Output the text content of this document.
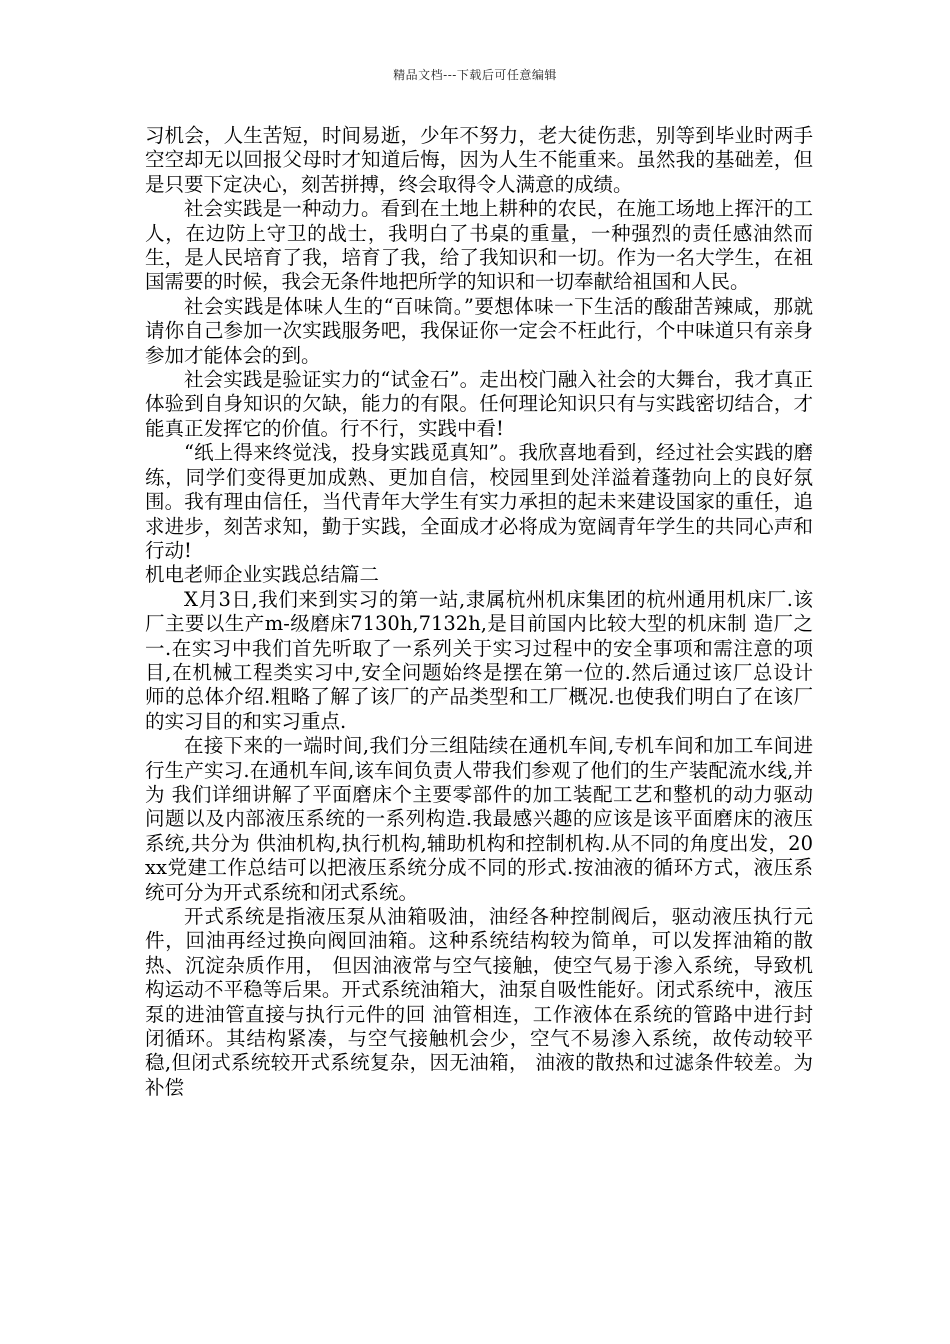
精品文档---下载后可任意编辑

习机会，人生苦短，时间易逝，少年不努力，老大徒伤悲，别等到毕业时两手空空却无以回报父母时才知道后悔，因为人生不能重来。虽然我的基础差，但是只要下定决心，刻苦拼搏，终会取得令人满意的成绩。

社会实践是一种动力。看到在土地上耕种的农民，在施工场地上挥汗的工人，在边防上守卫的战士，我明白了书桌的重量，一种强烈的责任感油然而生，是人民培育了我，培育了我，给了我知识和一切。作为一名大学生，在祖国需要的时候，我会无条件地把所学的知识和一切奉献给祖国和人民。

社会实践是体味人生的“百味筒。”要想体味一下生活的酸甜苦辣咸，那就请你自己参加一次实践服务吧，我保证你一定会不枉此行，个中味道只有亲身参加才能体会的到。

社会实践是验证实力的“试金石”。走出校门融入社会的大舞台，我才真正体验到自身知识的欠缺，能力的有限。任何理论知识只有与实践密切结合，才能真正发挥它的价值。行不行，实践中看!

“纸上得来终觉浅，投身实践觅真知”。我欣喜地看到，经过社会实践的磨练，同学们变得更加成熟、更加自信，校园里到处洋溢着蓬勃向上的良好氛围。我有理由信任，当代青年大学生有实力承担的起未来建设国家的重任，追求进步，刻苦求知，勤于实践，全面成才必将成为宽阔青年学生的共同心声和行动!

机电老师企业实践总结篇二

X月3日,我们来到实习的第一站,隶属杭州机床集团的杭州通用机床厂.该厂主要以生产m-级磨床7130h,7132h,是目前国内比较大型的机床制 造厂之一.在实习中我们首先听取了一系列关于实习过程中的安全事项和需注意的项目,在机械工程类实习中,安全问题始终是摆在第一位的.然后通过该厂总设计 师的总体介绍.粗略了解了该厂的产品类型和工厂概况.也使我们明白了在该厂的实习目的和实习重点.

在接下来的一端时间,我们分三组陆续在通机车间,专机车间和加工车间进行生产实习.在通机车间,该车间负责人带我们参观了他们的生产装配流水线,并为 我们详细讲解了平面磨床个主要零部件的加工装配工艺和整机的动力驱动问题以及内部液压系统的一系列构造.我最感兴趣的应该是该平面磨床的液压系统,共分为 供油机构,执行机构,辅助机构和控制机构.从不同的角度出发，20xx党建工作总结可以把液压系统分成不同的形式.按油液的循环方式，液压系统可分为开式系统和闭式系统。

开式系统是指液压泵从油箱吸油，油经各种控制阀后，驱动液压执行元件，回油再经过换向阀回油箱。这种系统结构较为简单，可以发挥油箱的散热、沉淀杂质作用， 但因油液常与空气接触，使空气易于渗入系统，导致机构运动不平稳等后果。开式系统油箱大，油泵自吸性能好。闭式系统中，液压泵的进油管直接与执行元件的回 油管相连，工作液体在系统的管路中进行封闭循环。其结构紧凑，与空气接触机会少，空气不易渗入系统，故传动较平稳,但闭式系统较开式系统复杂，因无油箱， 油液的散热和过滤条件较差。为补偿
